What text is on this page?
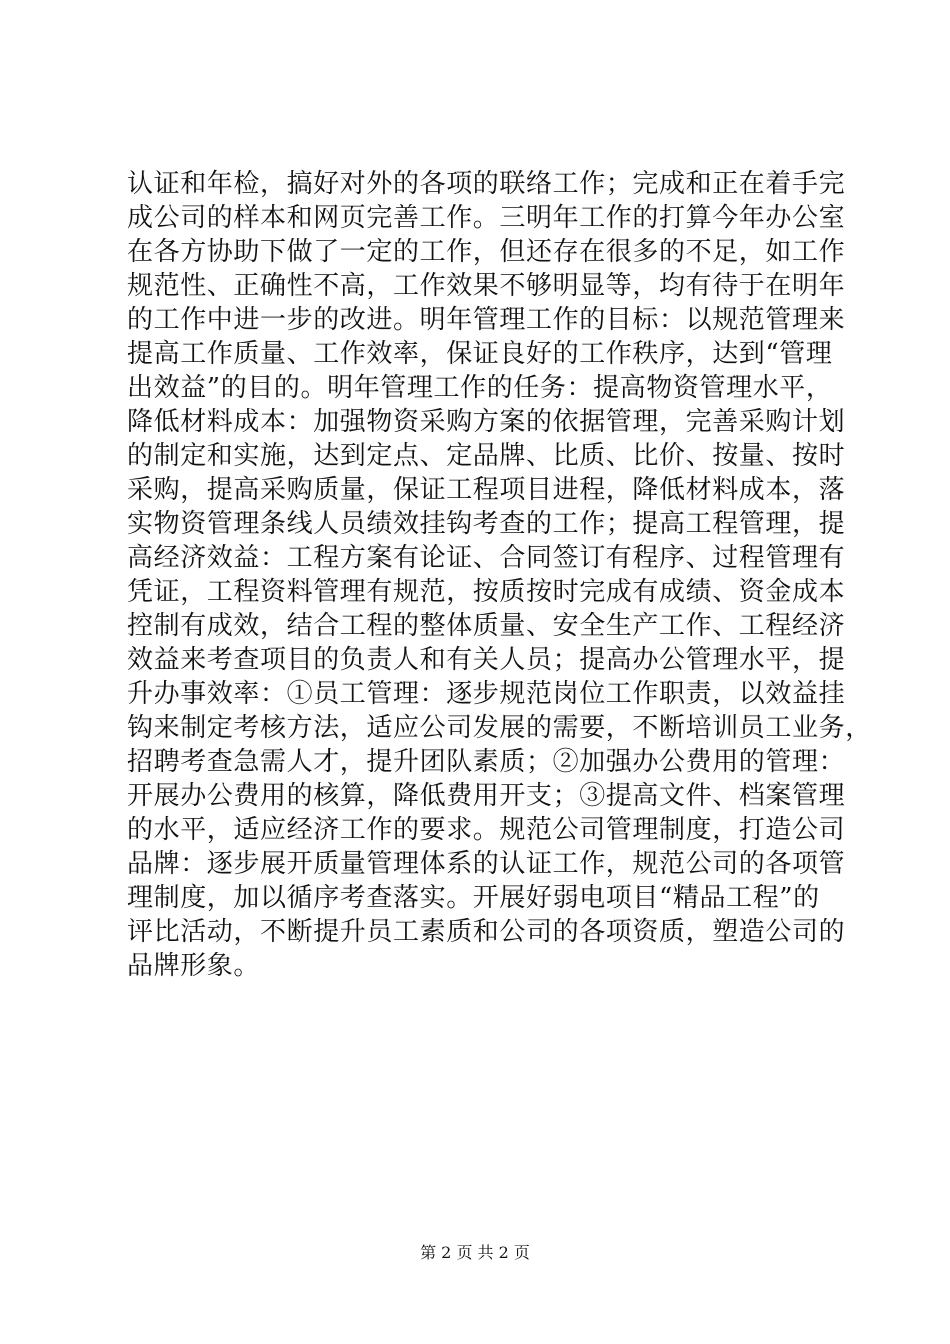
认证和年检，搞好对外的各项的联络工作；完成和正在着手完
成公司的样本和网页完善工作。三明年工作的打算今年办公室
在各方协助下做了一定的工作，但还存在很多的不足，如工作
规范性、正确性不高，工作效果不够明显等，均有待于在明年
的工作中进一步的改进。明年管理工作的目标：以规范管理来
提高工作质量、工作效率，保证良好的工作秩序，达到“管理
出效益”的目的。明年管理工作的任务：提高物资管理水平，
降低材料成本：加强物资采购方案的依据管理，完善采购计划
的制定和实施，达到定点、定品牌、比质、比价、按量、按时
采购，提高采购质量，保证工程项目进程，降低材料成本，落
实物资管理条线人员绩效挂钩考查的工作；提高工程管理，提
高经济效益：工程方案有论证、合同签订有程序、过程管理有
凭证，工程资料管理有规范，按质按时完成有成绩、资金成本
控制有成效，结合工程的整体质量、安全生产工作、工程经济
效益来考查项目的负责人和有关人员；提高办公管理水平，提
升办事效率：①员工管理：逐步规范岗位工作职责，以效益挂
钩来制定考核方法，适应公司发展的需要，不断培训员工业务，
招聘考查急需人才，提升团队素质；②加强办公费用的管理：
开展办公费用的核算，降低费用开支；③提高文件、档案管理
的水平，适应经济工作的要求。规范公司管理制度，打造公司
品牌：逐步展开质量管理体系的认证工作，规范公司的各项管
理制度，加以循序考查落实。开展好弱电项目“精品工程”的
评比活动，不断提升员工素质和公司的各项资质，塑造公司的
品牌形象。
第 2 页 共 2 页
